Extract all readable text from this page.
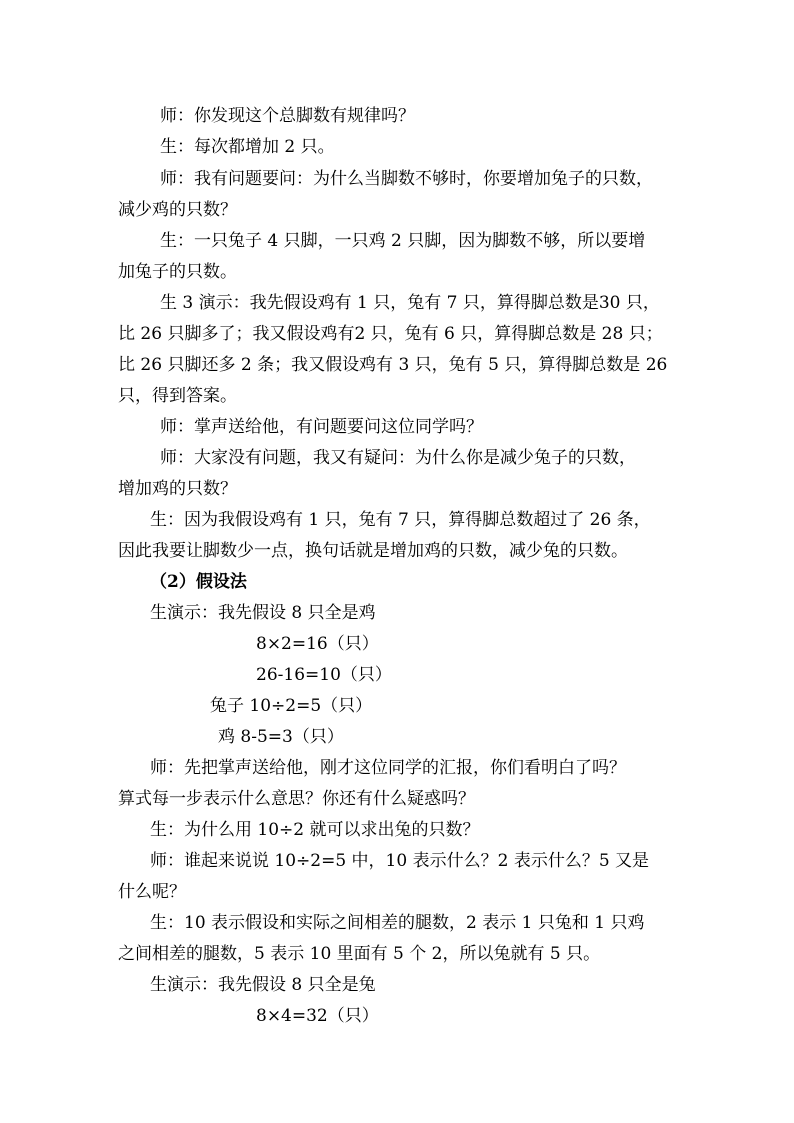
师：你发现这个总脚数有规律吗？
生：每次都增加 2 只。
师：我有问题要问：为什么当脚数不够时，你要增加兔子的只数，
减少鸡的只数？
生：一只兔子 4 只脚，一只鸡 2 只脚，因为脚数不够，所以要增
加兔子的只数。
生 3 演示：我先假设鸡有 1 只，兔有 7 只，算得脚总数是30 只，
比 26 只脚多了；我又假设鸡有2 只，兔有 6 只，算得脚总数是 28 只；
比 26 只脚还多 2 条；我又假设鸡有 3 只，兔有 5 只，算得脚总数是 26
只，得到答案。
师：掌声送给他，有问题要问这位同学吗？
师：大家没有问题，我又有疑问：为什么你是减少兔子的只数，
增加鸡的只数？
生：因为我假设鸡有 1 只，兔有 7 只，算得脚总数超过了 26 条，
因此我要让脚数少一点，换句话就是增加鸡的只数，减少兔的只数。
（2）假设法
生演示：我先假设 8 只全是鸡
8×2=16（只）
26-16=10（只）
兔子 10÷2=5（只）
鸡 8-5=3（只）
师：先把掌声送给他，刚才这位同学的汇报，你们看明白了吗？
算式每一步表示什么意思？你还有什么疑惑吗？
生：为什么用 10÷2 就可以求出兔的只数？
师：谁起来说说 10÷2=5 中，10 表示什么？2 表示什么？5 又是
什么呢？
生：10 表示假设和实际之间相差的腿数，2 表示 1 只兔和 1 只鸡
之间相差的腿数，5 表示 10 里面有 5 个 2，所以兔就有 5 只。
生演示：我先假设 8 只全是兔
8×4=32（只）
